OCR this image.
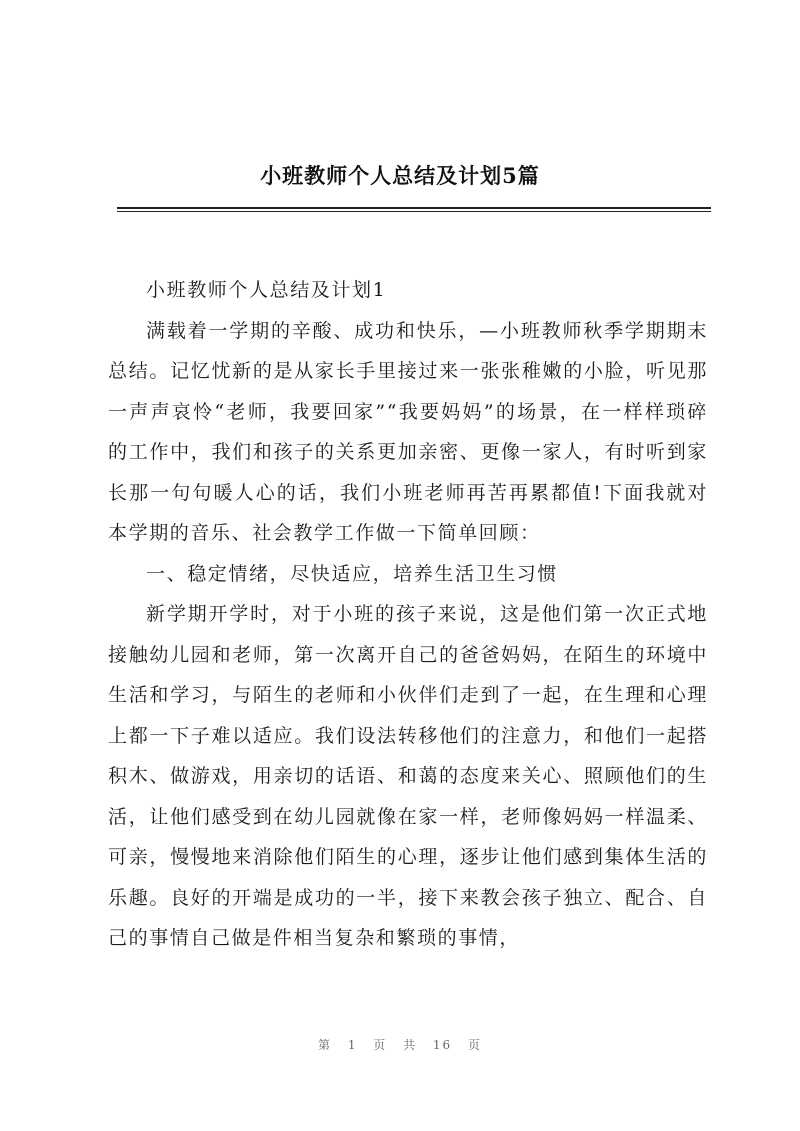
小班教师个人总结及计划5篇

小班教师个人总结及计划1

满载着一学期的辛酸、成功和快乐，—小班教师秋季学期期末总结。记忆忧新的是从家长手里接过来一张张稚嫩的小脸，听见那一声声哀怜“老师，我要回家”“我要妈妈”的场景，在一样样琐碎的工作中，我们和孩子的关系更加亲密、更像一家人，有时听到家长那一句句暖人心的话，我们小班老师再苦再累都值!下面我就对本学期的音乐、社会教学工作做一下简单回顾：

一、稳定情绪，尽快适应，培养生活卫生习惯

新学期开学时，对于小班的孩子来说，这是他们第一次正式地接触幼儿园和老师，第一次离开自己的爸爸妈妈，在陌生的环境中生活和学习，与陌生的老师和小伙伴们走到了一起，在生理和心理上都一下子难以适应。我们设法转移他们的注意力，和他们一起搭积木、做游戏，用亲切的话语、和蔼的态度来关心、照顾他们的生活，让他们感受到在幼儿园就像在家一样，老师像妈妈一样温柔、可亲，慢慢地来消除他们陌生的心理，逐步让他们感到集体生活的乐趣。良好的开端是成功的一半，接下来教会孩子独立、配合、自己的事情自己做是件相当复杂和繁琐的事情，

第 1 页 共 16 页
